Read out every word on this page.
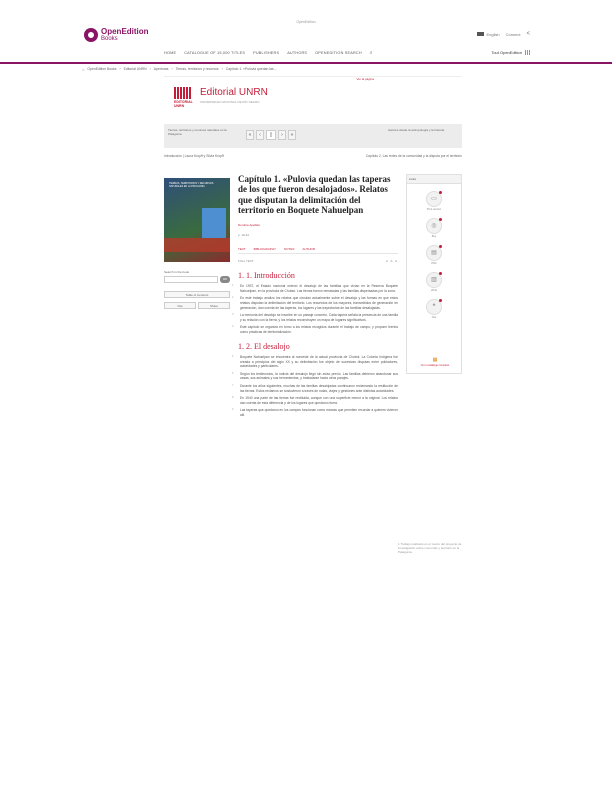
OpenEdition
OpenEdition
Books
English Connect <
HOME CATALOGUE OF 15,000 TITLES PUBLISHERS AUTHORS OPENEDITION SEARCH ⌕	Tout OpenEdition
⌂ OpenEdition Books › Editorial UNRN › Aperturas › Tierras, territorios y recursos › Capítulo 1. «Pulovia quedan las...
Ver la página
EDITORIAL UNRN
Editorial UNRN
UNIVERSIDAD NACIONAL DE RÍO NEGRO
Tierras, territorios y recursos naturales en la Patagonia	«	‹	▯	›	»
Aportes desde la antropología y la historia
Introducción | Laura Kropff y Silvia Kropff	Capítulo 2. Las redes de la comunidad y la disputa por el territorio
TIERRAS, TERRITORIOS Y RECURSOS NATURALES EN LA PATAGONIA
Search in the book
OK
Table of contents
Cite	Share
Capítulo 1. «Pulovia quedan las taperas de los que fueron desalojados». Relatos que disputan la delimitación del territorio en Boquete Nahuelpan
Nombre Apellido
p. 19-42
TEXT	BIBLIOGRAPHY	NOTES	AUTHOR
FULL TEXT	A A A
1. 1. Introducción

1 En 1937, el Estado nacional ordenó el desalojo de las familias que vivían en la Reserva Boquete Nahuelpan, en la provincia de Chubut. Las tierras fueron rematadas y las familias dispersadas por la zona.

2 En este trabajo analizo los relatos que circulan actualmente sobre el desalojo y las formas en que estos relatos disputan la delimitación del territorio. Los recuerdos de los mayores, transmitidos de generación en generación, dan cuenta de las taperas, los lugares y las trayectorias de las familias desalojadas.

3 La memoria del desalojo se inscribe en un paisaje concreto. Cada tapera señala la presencia de una familia y su relación con la tierra, y los relatos reconstruyen un mapa de lugares significativos.

4 Este capítulo se organiza en torno a los relatos recogidos durante el trabajo de campo, y propone leerlos como prácticas de territorialización.

1. 2. El desalojo

5 Boquete Nahuelpan se encuentra al noroeste de la actual provincia de Chubut. La Colonia Indígena fue creada a principios del siglo XX y su delimitación fue objeto de sucesivas disputas entre pobladores, autoridades y particulares.

6 Según los testimonios, la noticia del desalojo llegó sin aviso previo. Las familias debieron abandonar sus casas, sus animales y sus herramientas, y trasladarse hacia otros parajes.

7 Durante los años siguientes, muchas de las familias desalojadas continuaron reclamando la restitución de las tierras. Estos reclamos se sostuvieron a través de notas, viajes y gestiones ante distintas autoridades.

8 En 1940 una parte de las tierras fue restituida, aunque con una superficie menor a la original. Los relatos dan cuenta de esta diferencia y de los lugares que quedaron fuera.

9 Las taperas que quedaron en los campos funcionan como marcas que permiten recordar a quienes vivieron allí.

1 Trabajo realizado en el marco del proyecto de investigación sobre memorias y territorio en la Patagonia.
Links
▭
Print version
◎
Buy
▤
PDF
▥
ePub
❝
Cite
▦
Ver el catálogo completo
